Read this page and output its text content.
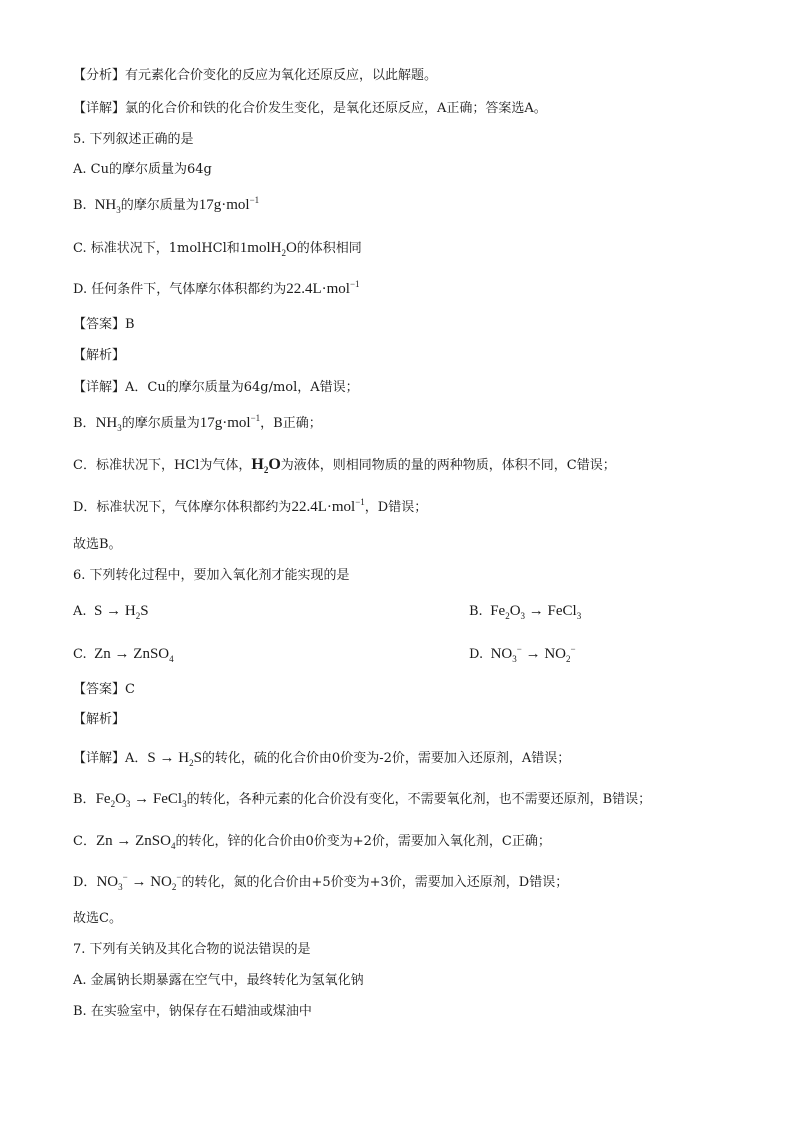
【分析】有元素化合价变化的反应为氧化还原反应，以此解题。
【详解】氯的化合价和铁的化合价发生变化，是氧化还原反应，A正确；答案选A。
5. 下列叙述正确的是
A. Cu的摩尔质量为64g
B.  $NH_3$的摩尔质量为17g·mol$^{-1}$
C. 标准状况下，1molHCl和1molH$_2$O的体积相同
D. 任何条件下，气体摩尔体积都约为22.4L·mol$^{-1}$
【答案】B
【解析】
【详解】A．Cu的摩尔质量为64g/mol，A错误；
B．$NH_3$的摩尔质量为17g·mol$^{-1}$，B正确；
C．标准状况下，HCl为气体，$H_2O$为液体，则相同物质的量的两种物质，体积不同，C错误；
D．标准状况下，气体摩尔体积都约为22.4L·mol$^{-1}$，D错误；
故选B。
6. 下列转化过程中，要加入氧化剂才能实现的是
A.  $S \to H_2S$	B.  $Fe_2O_3$ → FeCl$_3$
C.  Zn → ZnSO$_4$	D.  $NO_3^- \to NO_2^-$
【答案】C
【解析】
【详解】A．$S \to H_2S$的转化，硫的化合价由0价变为-2价，需要加入还原剂，A错误；
B．$Fe_2O_3$ → FeCl$_3$的转化，各种元素的化合价没有变化，不需要氧化剂，也不需要还原剂，B错误；
C．Zn → ZnSO$_4$的转化，锌的化合价由0价变为+2价，需要加入氧化剂，C正确；
D．$NO_3^- \to NO_2^-$的转化，氮的化合价由+5价变为+3价，需要加入还原剂，D错误；
故选C。
7. 下列有关钠及其化合物的说法错误的是
A. 金属钠长期暴露在空气中，最终转化为氢氧化钠
B. 在实验室中，钠保存在石蜡油或煤油中
